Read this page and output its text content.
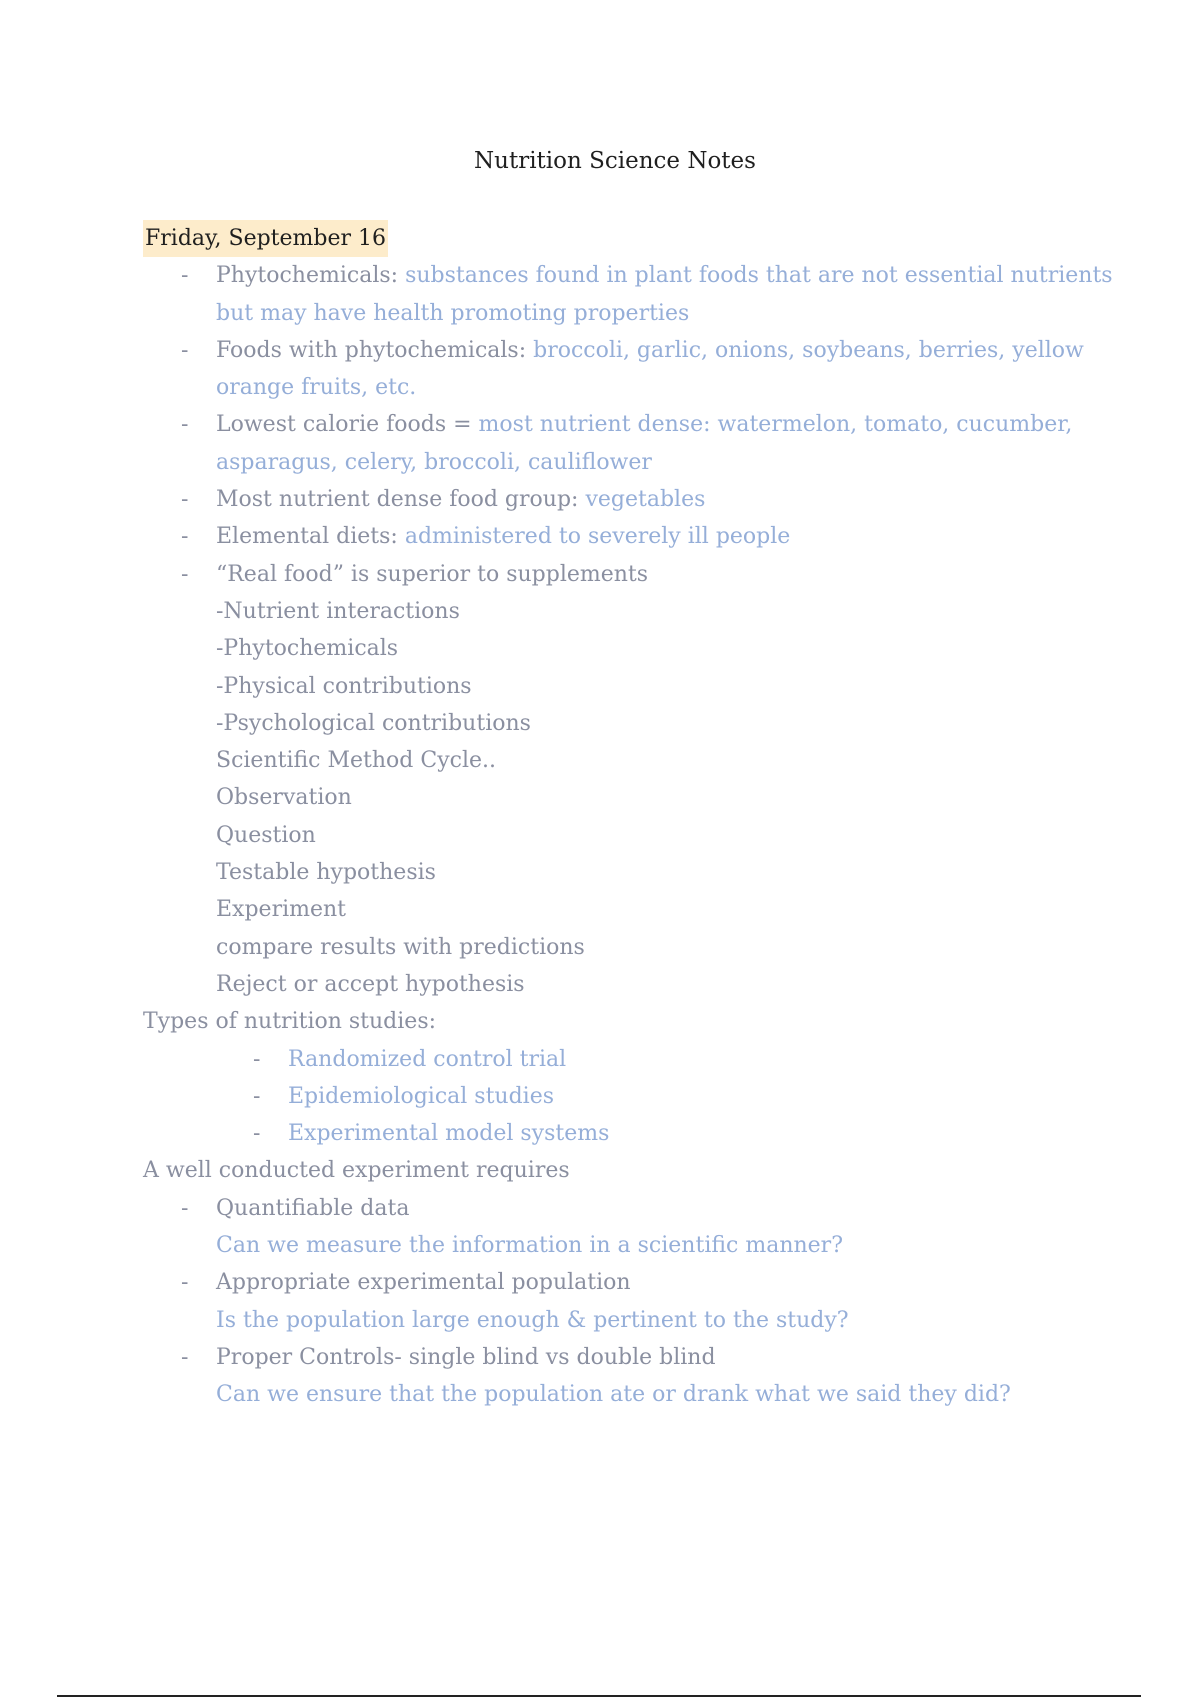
Nutrition Science Notes
Friday, September 16
- Phytochemicals: substances found in plant foods that are not essential nutrients
but may have health promoting properties
- Foods with phytochemicals: broccoli, garlic, onions, soybeans, berries, yellow
orange fruits, etc.
- Lowest calorie foods = most nutrient dense: watermelon, tomato, cucumber,
asparagus, celery, broccoli, cauliflower
- Most nutrient dense food group: vegetables
- Elemental diets: administered to severely ill people
- “Real food” is superior to supplements
-Nutrient interactions
-Phytochemicals
-Physical contributions
-Psychological contributions
Scientific Method Cycle..
Observation
Question
Testable hypothesis
Experiment
compare results with predictions
Reject or accept hypothesis
Types of nutrition studies:
- Randomized control trial
- Epidemiological studies
- Experimental model systems
A well conducted experiment requires
- Quantifiable data
Can we measure the information in a scientific manner?
- Appropriate experimental population
Is the population large enough & pertinent to the study?
- Proper Controls- single blind vs double blind
Can we ensure that the population ate or drank what we said they did?
